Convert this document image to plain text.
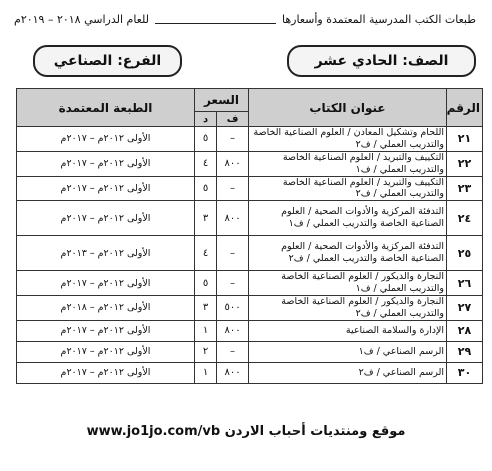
طبعات الكتب المدرسية المعتمدة وأسعارها
للعام الدراسي ٢٠١٨ – ٢٠١٩م
الصف: الحادي عشر
الفرع: الصناعي
الرقم	عنوان الكتاب	السعر		الطبعة المعتمدة
		ف	د	
٢١	اللحام وتشكيل المعادن / العلوم الصناعية الخاصة والتدريب العملي / ف٢	–	٥	الأولى ٢٠١٢م – ٢٠١٧م
٢٢	التكييف والتبريد / العلوم الصناعية الخاصة والتدريب العملي / ف١	٨٠٠	٤	الأولى ٢٠١٢م – ٢٠١٧م
٢٣	التكييف والتبريد / العلوم الصناعية الخاصة والتدريب العملي / ف٢	–	٥	الأولى ٢٠١٢م – ٢٠١٧م
٢٤	التدفئة المركزية والأدوات الصحية / العلوم الصناعية الخاصة والتدريب العملي / ف١	٨٠٠	٣	الأولى ٢٠١٢م – ٢٠١٧م
٢٥	التدفئة المركزية والأدوات الصحية / العلوم الصناعية الخاصة والتدريب العملي / ف٢	–	٤	الأولى ٢٠١٢م – ٢٠١٣م
٢٦	النجارة والديكور / العلوم الصناعية الخاصة والتدريب العملي / ف١	–	٥	الأولى ٢٠١٢م – ٢٠١٧م
٢٧	النجارة والديكور / العلوم الصناعية الخاصة والتدريب العملي / ف٢	٥٠٠	٣	الأولى ٢٠١٢م – ٢٠١٨م
٢٨	الإدارة والسلامة الصناعية	٨٠٠	١	الأولى ٢٠١٢م – ٢٠١٧م
٢٩	الرسم الصناعي / ف١	–	٢	الأولى ٢٠١٢م – ٢٠١٧م
٣٠	الرسم الصناعي / ف٢	٨٠٠	١	الأولى ٢٠١٢م – ٢٠١٧م
www.jo1jo.com/vb موقع ومنتديات أحباب الاردن
